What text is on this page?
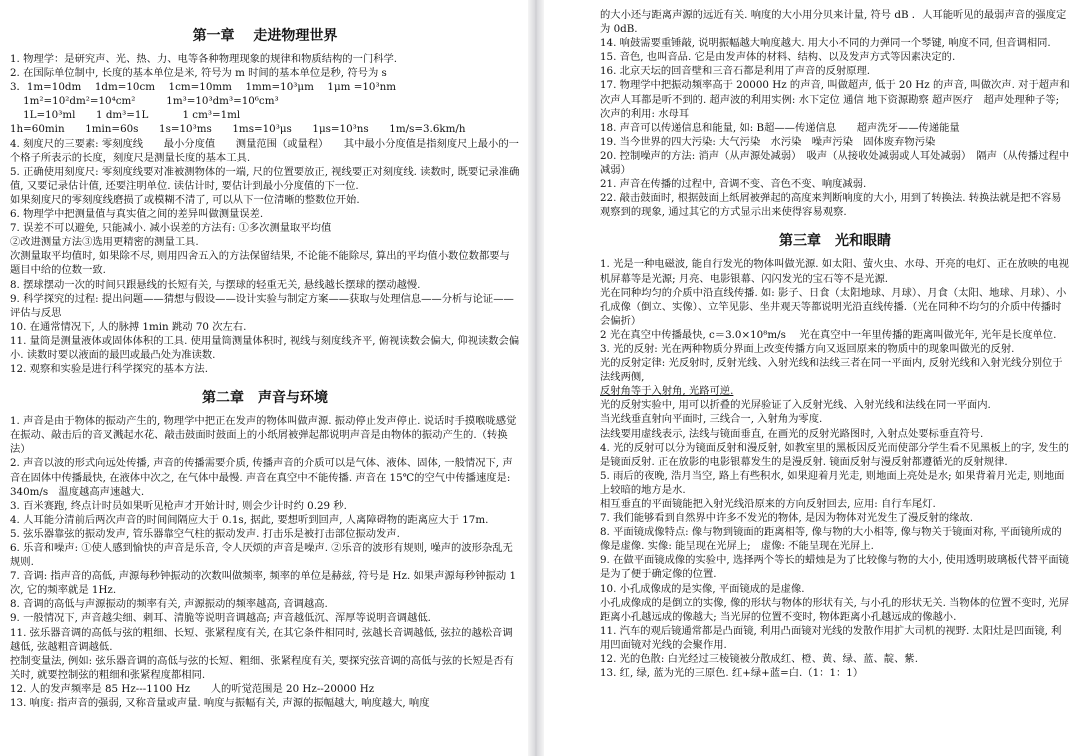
第一章　 走进物理世界

1. 物理学：是研究声、光、热、力、电等各种物理现象的规律和物质结构的一门科学.

2. 在国际单位制中, 长度的基本单位是米, 符号为 m 时间的基本单位是秒, 符号为 s

3．1m=10dm　 1dm=10cm　 1cm=10mm　 1mm=10³μm　 1μm =10³nm

1m²=10²dm²=10⁴cm²　　　1m³=10³dm³=10⁶cm³

1L=10³ml　　1 dm³=1L　　　 1 cm³=1ml

1h=60min　　1min=60s　　1s=10³ms　　1ms=10³μs　　1μs=10³ns　　1m/s=3.6km/h

4. 刻度尺的三要素: 零刻度线　　最小分度值　　测量范围（或量程）　　其中最小分度值是指刻度尺上最小的一个格子所表示的长度，刻度尺是测量长度的基本工具.

5. 正确使用刻度尺: 零刻度线要对准被测物体的一端, 尺的位置要放正, 视线要正对刻度线. 读数时, 既要记录准确值, 又要记录估计值, 还要注明单位. 读估计时, 要估计到最小分度值的下一位.

如果刻度尺的零刻度线磨损了或模糊不清了, 可以从下一位清晰的整数位开始.

6. 物理学中把测量值与真实值之间的差异叫做测量误差.

7. 误差不可以避免, 只能减小. 减小误差的方法有: ①多次测量取平均值

②改进测量方法③选用更精密的测量工具.

次测量取平均值时, 如果除不尽, 则用四舍五入的方法保留结果, 不论能不能除尽, 算出的平均值小数位数都要与题目中给的位数一致.

8. 摆球摆动一次的时间只跟悬线的长短有关, 与摆球的轻重无关, 悬线越长摆球的摆动越慢.

9. 科学探究的过程: 提出问题——猜想与假设——设计实验与制定方案——获取与处理信息——分析与论证——评估与反思

10. 在通常情况下, 人的脉搏 1min 跳动 70 次左右.

11. 量筒是测量液体或固体体积的工具. 使用量筒测量体积时, 视线与刻度线齐平, 俯视读数会偏大, 仰视读数会偏小. 读数时要以液面的最凹或最凸处为准读数.

12. 观察和实验是进行科学探究的基本方法.

第二章　声音与环境

1. 声音是由于物体的振动产生的, 物理学中把正在发声的物体叫做声源. 振动停止发声停止. 说话时手摸喉咙感觉在振动、敲击后的音叉溅起水花、敲击鼓面时鼓面上的小纸屑被弹起都说明声音是由物体的振动产生的.（转换法）

2. 声音以波的形式向远处传播, 声音的传播需要介质, 传播声音的介质可以是气体、液体、固体, 一般情况下, 声音在固体中传播最快, 在液体中次之, 在气体中最慢. 声音在真空中不能传播. 声音在 15℃的空气中传播速度是: 340m/s　温度越高声速越大.

3. 百米赛跑, 终点计时员如果听见枪声才开始计时, 则会少计时约 0.29 秒.

4. 人耳能分清前后两次声音的时间间隔应大于 0.1s, 据此, 要想听到回声, 人离障碍物的距离应大于 17m.

5. 弦乐器靠弦的振动发声, 管乐器靠空气柱的振动发声. 打击乐是被打击部位振动发声.

6. 乐音和噪声: ①使人感到愉快的声音是乐音, 令人厌烦的声音是噪声. ②乐音的波形有规则, 噪声的波形杂乱无规则.

7. 音调: 指声音的高低, 声源每秒钟振动的次数叫做频率, 频率的单位是赫兹, 符号是 Hz. 如果声源每秒钟振动 1 次, 它的频率就是 1Hz.

8. 音调的高低与声源振动的频率有关, 声源振动的频率越高, 音调越高.

9. 一般情况下, 声音越尖细、刺耳、清脆等说明音调越高; 声音越低沉、浑厚等说明音调越低.

11. 弦乐器音调的高低与弦的粗细、长短、张紧程度有关, 在其它条件相同时, 弦越长音调越低, 弦拉的越松音调越低, 弦越粗音调越低.

控制变量法, 例如: 弦乐器音调的高低与弦的长短、粗细、张紧程度有关, 要探究弦音调的高低与弦的长短是否有关时, 就要控制弦的粗细和张紧程度都相同.

12. 人的发声频率是 85 Hz---1100 Hz　　人的听觉范围是 20 Hz--20000 Hz

13. 响度: 指声音的强弱, 又称音量或声量. 响度与振幅有关, 声源的振幅越大, 响度越大, 响度

的大小还与距离声源的远近有关. 响度的大小用分贝来计量, 符号 dB ．人耳能听见的最弱声音的强度定为 0dB.

14. 响鼓需要重锤敲, 说明振幅越大响度越大. 用大小不同的力弹同一个琴键, 响度不同, 但音调相同.

15. 音色, 也叫音品. 它是由发声体的材料、结构、以及发声方式等因素决定的.

16. 北京天坛的回音壁和三音石都是利用了声音的反射原理.

17. 物理学中把振动频率高于 20000 Hz 的声音, 叫做超声, 低于 20 Hz 的声音, 叫做次声. 对于超声和次声人耳都是听不到的. 超声波的利用实例: 水下定位 通信 地下资源勘察 超声医疗　超声处理种子等; 次声的利用: 水母耳

18. 声音可以传递信息和能量, 如: B超——传递信息　　超声洗牙——传递能量

19. 当今世界的四大污染: 大气污染　水污染　噪声污染　固体废弃物污染

20. 控制噪声的方法: 消声（从声源处减弱）　吸声（从接收处减弱或人耳处减弱）　隔声（从传播过程中减弱）

21. 声音在传播的过程中, 音调不变、音色不变、响度减弱.

22. 敲击鼓面时, 根据鼓面上纸屑被弹起的高度来判断响度的大小, 用到了转换法. 转换法就是把不容易观察到的现象, 通过其它的方式显示出来使得容易观察.

第三章　光和眼睛

1. 光是一种电磁波, 能自行发光的物体叫做光源. 如太阳、萤火虫、水母、开亮的电灯、正在放映的电视机屏幕等是光源; 月亮、电影银幕、闪闪发光的宝石等不是光源.

光在同种均匀的介质中沿直线传播. 如: 影子、日食（太阳地球、月球）、月食（太阳、地球、月球）、小孔成像（倒立、实像）、立竿见影、坐井观天等都说明光沿直线传播.（光在同种不均匀的介质中传播时会偏折）

2 光在真空中传播最快, c＝3.0×10⁸m/s　 光在真空中一年里传播的距离叫做光年, 光年是长度单位.

3. 光的反射: 光在两种物质分界面上改变传播方向又返回原来的物质中的现象叫做光的反射.

光的反射定律: 光反射时, 反射光线、入射光线和法线三者在同一平面内, 反射光线和入射光线分别位于法线两侧,

反射角等于入射角, 光路可逆.

光的反射实验中, 用可以折叠的光屏验证了入反射光线、入射光线和法线在同一平面内.

当光线垂直射向平面时, 三线合一, 入射角为零度.

法线要用虚线表示, 法线与镜面垂直, 在画光的反射光路图时, 入射点处要标垂直符号.

4. 光的反射可以分为镜面反射和漫反射, 如教室里的黑板因反光而使部分学生看不见黑板上的字, 发生的是镜面反射. 正在放影的电影银幕发生的是漫反射. 镜面反射与漫反射都遵循光的反射规律.

5. 雨后的夜晚, 浩月当空, 路上有些积水, 如果迎着月光走, 则地面上亮处是水; 如果背着月光走, 则地面上较暗的地方是水.

相互垂直的平面镜能把入射光线沿原来的方向反射回去, 应用: 自行车尾灯.

7. 我们能够看到自然界中许多不发光的物体, 是因为物体对光发生了漫反射的缘故.

8. 平面镜成像特点: 像与物到镜面的距离相等, 像与物的大小相等, 像与物关于镜面对称, 平面镜所成的像是虚像. 实像: 能呈现在光屏上;　虚像: 不能呈现在光屏上.

9. 在做平面镜成像的实验中, 选择两个等长的蜡烛是为了比较像与物的大小, 使用透明玻璃板代替平面镜是为了便于确定像的位置.

10. 小孔成像成的是实像, 平面镜成的是虚像.

小孔成像成的是倒立的实像, 像的形状与物体的形状有关, 与小孔的形状无关. 当物体的位置不变时, 光屏距离小孔越远成的像越大; 当光屏的位置不变时, 物体距离小孔越远成的像越小.

11. 汽车的观后镜通常都是凸面镜, 利用凸面镜对光线的发散作用扩大司机的视野. 太阳灶是凹面镜, 利用凹面镜对光线的会聚作用.

12. 光的色散: 白光经过三棱镜被分散成红、橙、黄、绿、蓝、靛、紫.

13. 红, 绿, 蓝为光的三原色. 红+绿+蓝=白.（1：1：1）
